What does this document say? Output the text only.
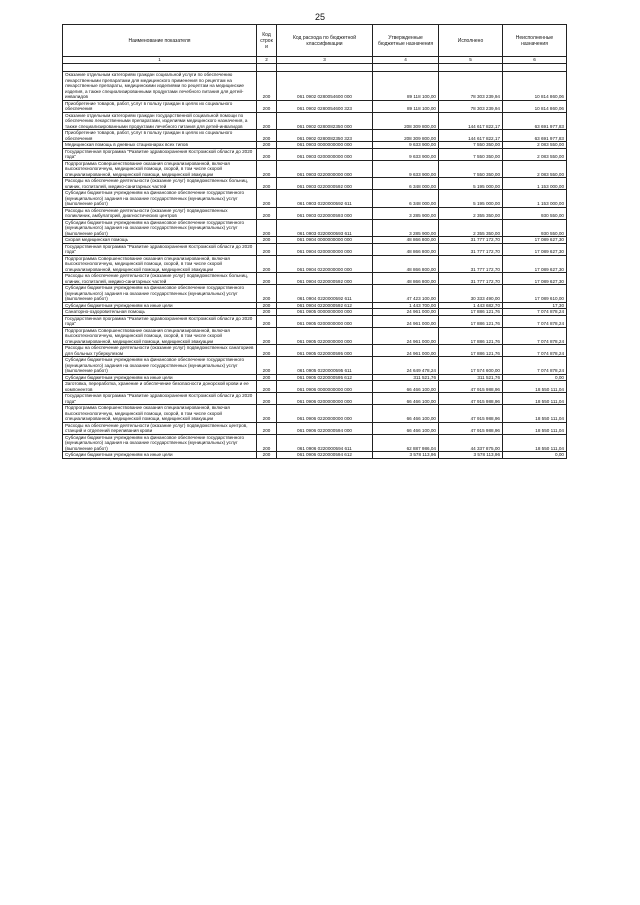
25
Наименование показателя	Код строк и	Код расхода по бюджетной классификации	Утвержденные бюджетные назначения	Исполнено	Неисполненные назначения
1	2	3	4	5	6

Оказание отдельным категориям граждан социальной услуги по обеспечению лекарственными препаратами для медицинского применения по рецептам на лекарственные препараты, медицинскими изделиями по рецептам на медицинские изделия, а также специализированными продуктами лечебного питания для детей-инвалидов	200	061 0902 0280054600 000	89 118 100,00	78 303 239,94	10 814 860,06
Приобретение товаров, работ, услуг в пользу граждан в целях их социального обеспечения	200	061 0902 0280054600 323	89 118 100,00	78 303 239,94	10 814 860,06
Оказание отдельным категориям граждан государственной социальной помощи по обеспечению лекарственными препаратами, изделиями медицинского назначения, а также специализированными продуктами лечебного питания для детей-инвалидов	200	061 0902 0280082350 000	208 309 800,00	144 617 822,17	63 691 977,83
Приобретение товаров, работ, услуг в пользу граждан в целях их социального обеспечения	200	061 0902 0280082350 323	208 309 800,00	144 617 822,17	63 691 977,83
Медицинская помощь в дневных стационарах всех типов	200	061 0903 0000000000 000	9 633 900,00	7 550 350,00	2 083 550,00
Государственная программа "Развитие здравоохранения Костромской области до 2020 года"	200	061 0903 0200000000 000	9 633 900,00	7 550 350,00	2 083 550,00
Подпрограмма Совершенствование оказания специализированной, включая высокотехнологичную, медицинской помощи, скорой, в том числе скорой специализированной, медицинской помощи, медицинской эвакуации	200	061 0903 0220000000 000	9 633 900,00	7 550 350,00	2 083 550,00
Расходы на обеспечение деятельности (оказание услуг) подведомственных больниц, клиник, госпиталей, медико-санитарных частей	200	061 0903 0220000592 000	6 348 000,00	5 195 000,00	1 153 000,00
Субсидии бюджетным учреждениям на финансовое обеспечение государственного (муниципального) задания на оказание государственных (муниципальных) услуг (выполнение работ)	200	061 0903 0220000592 611	6 348 000,00	5 195 000,00	1 153 000,00
Расходы на обеспечение деятельности (оказание услуг) подведомственных поликлиник, амбулаторий, диагностических центров	200	061 0903 0220000593 000	3 285 900,00	2 355 350,00	930 550,00
Субсидии бюджетным учреждениям на финансовое обеспечение государственного (муниципального) задания на оказание государственных (муниципальных) услуг (выполнение работ)	200	061 0903 0220000593 611	3 285 900,00	2 355 350,00	930 550,00
Скорая медицинская помощь	200	061 0904 0000000000 000	48 866 800,00	31 777 172,70	17 089 627,30
Государственная программа "Развитие здравоохранения Костромской области до 2020 года"	200	061 0904 0200000000 000	48 866 800,00	31 777 172,70	17 089 627,30
Подпрограмма Совершенствование оказания специализированной, включая высокотехнологичную, медицинской помощи, скорой, в том числе скорой специализированной, медицинской помощи, медицинской эвакуации	200	061 0904 0220000000 000	48 866 800,00	31 777 172,70	17 089 627,30
Расходы на обеспечение деятельности (оказание услуг) подведомственных больниц, клиник, госпиталей, медико-санитарных частей	200	061 0904 0220000592 000	48 866 800,00	31 777 172,70	17 089 627,30
Субсидии бюджетным учреждениям на финансовое обеспечение государственного (муниципального) задания на оказание государственных (муниципальных) услуг (выполнение работ)	200	061 0904 0220000592 611	47 423 100,00	30 333 490,00	17 089 610,00
Субсидии бюджетным учреждениям на иные цели	200	061 0904 0220000592 612	1 443 700,00	1 443 682,70	17,30
Санаторно-оздоровительная помощь	200	061 0905 0000000000 000	24 961 000,00	17 886 121,76	7 074 878,24
Государственная программа "Развитие здравоохранения Костромской области до 2020 года"	200	061 0905 0200000000 000	24 961 000,00	17 886 121,76	7 074 878,24
Подпрограмма Совершенствование оказания специализированной, включая высокотехнологичную, медицинской помощи, скорой, в том числе скорой специализированной, медицинской помощи, медицинской эвакуации	200	061 0905 0220000000 000	24 961 000,00	17 886 121,76	7 074 878,24
Расходы на обеспечение деятельности (оказание услуг) подведомственных санаториев для больных туберкулезом	200	061 0905 0220000595 000	24 961 000,00	17 886 121,76	7 074 878,24
Субсидии бюджетным учреждениям на финансовое обеспечение государственного (муниципального) задания на оказание государственных (муниципальных) услуг (выполнение работ)	200	061 0905 0220000595 611	24 649 478,24	17 574 600,00	7 074 878,24
Субсидии бюджетным учреждениям на иные цели	200	061 0905 0220000595 612	311 521,76	311 521,76	0,00
Заготовка, переработка, хранение и обеспечение безопасности донорской крови и ее компонентов	200	061 0906 0000000000 000	66 466 100,00	47 915 988,96	18 550 111,04
Государственная программа "Развитие здравоохранения Костромской области до 2020 года"	200	061 0906 0200000000 000	66 466 100,00	47 915 988,96	18 550 111,04
Подпрограмма Совершенствование оказания специализированной, включая высокотехнологичную, медицинской помощи, скорой, в том числе скорой специализированной, медицинской помощи, медицинской эвакуации	200	061 0906 0220000000 000	66 466 100,00	47 915 988,96	18 550 111,04
Расходы на обеспечение деятельности (оказание услуг) подведомственных центров, станций и отделений переливания крови	200	061 0906 0220000594 000	66 466 100,00	47 915 988,96	18 550 111,04
Субсидии бюджетным учреждениям на финансовое обеспечение государственного (муниципального) задания на оказание государственных (муниципальных) услуг (выполнение работ)	200	061 0906 0220000594 611	62 887 986,04	44 337 875,00	18 550 111,04
Субсидии бюджетным учреждениям на иные цели	200	061 0906 0220000594 612	3 578 113,96	3 578 113,96	0,00
